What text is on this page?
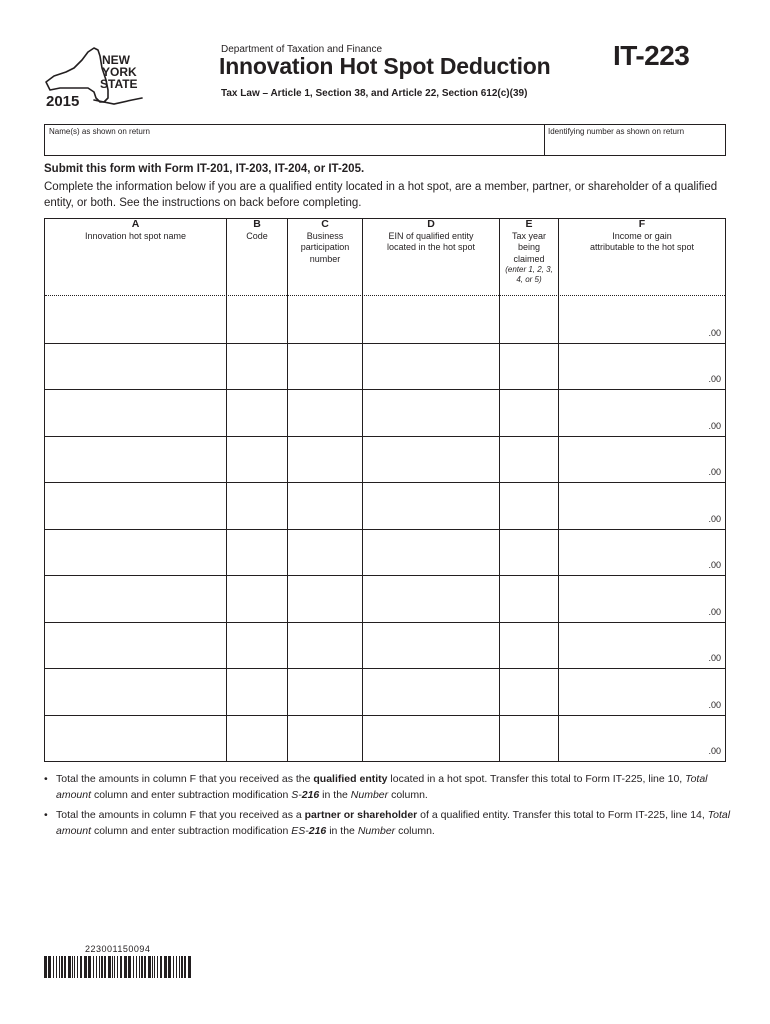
NEW
YORK
STATE
2015
Department of Taxation and Finance
Innovation Hot Spot Deduction IT-223
Tax Law – Article 1, Section 38, and Article 22, Section 612(c)(39)
Name(s) as shown on return	Identifying number as shown on return
Submit this form with Form IT-201, IT-203, IT-204, or IT-205.
Complete the information below if you are a qualified entity located in a hot spot, are a member, partner, or shareholder of a qualified entity, or both. See the instructions on back before completing.
A
Innovation hot spot name
B
Code
C
Business
participation
number
D
EIN of qualified entity
located in the hot spot
E
Tax year
being
claimed
(enter 1, 2, 3,
4, or 5)
F
Income or gain
attributable to the hot spot
.00
.00
.00
.00
.00
.00
.00
.00
.00
.00
• Total the amounts in column F that you received as the qualified entity located in a hot spot. Transfer this total to Form IT-225, line 10, Total amount column and enter subtraction modification S-216 in the Number column.
• Total the amounts in column F that you received as a partner or shareholder of a qualified entity. Transfer this total to Form IT-225, line 14, Total amount column and enter subtraction modification ES-216 in the Number column.
223001150094
